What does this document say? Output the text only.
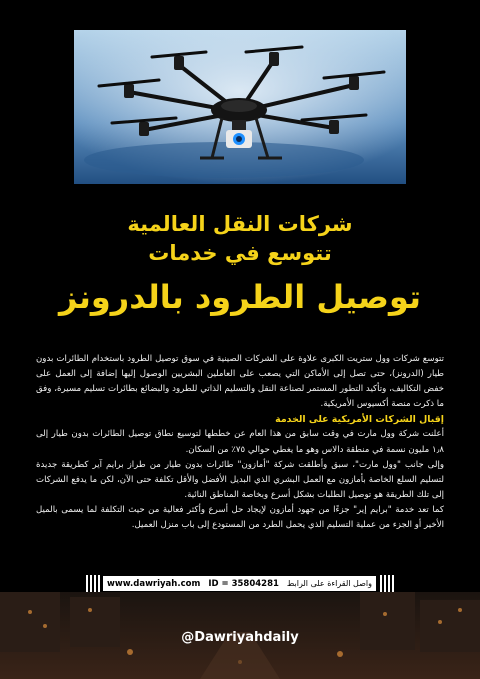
شركات النقل العالمية
تتوسع في خدمات
توصيل الطرود بالدرونز

تتوسع شركات وول ستريت الكبرى علاوة على الشركات الصينية في سوق توصيل الطرود باستخدام الطائرات بدون طيار (الدرونز)، حتى تصل إلى الأماكن التي يصعب على العاملين البشريين الوصول إليها إضافة إلى العمل على خفض التكاليف، وتأكيد التطور المستمر لصناعة النقل والتسليم الذاتي للطرود والبضائع بطائرات تسليم مسيرة، وفق ما ذكرت منصة أكسيوس الأمريكية.

إقبال الشركات الأمريكية على الخدمة

أعلنت شركة وول مارت في وقت سابق من هذا العام عن خططها لتوسيع نطاق توصيل الطائرات بدون طيار إلى ١٫٨ مليون نسمة في منطقة دالاس وهو ما يغطي حوالي ٧٥٪ من السكان.

وإلى جانب "وول مارت"، سبق وأطلقت شركة "أمازون" طائرات بدون طيار من طراز برايم آير كطريقة جديدة لتسليم السلع الخاصة بأمازون مع العمل البشري الذي البديل الأفضل والأقل تكلفة حتى الآن، لكن ما يدفع الشركات إلى تلك الطريقة هو توصيل الطلبات بشكل أسرع وبخاصة المناطق النائية.

كما تعد خدمة "برايم إير" جزءًا من جهود أمازون لإيجاد حل أسرع وأكثر فعالية من حيث التكلفة لما يسمى بالميل الأخير أو الجزء من عملية التسليم الذي يحمل الطرد من المستودع إلى باب منزل العميل.

www.dawriyah.com ID = 35804281 واصل القراءة على الرابط
@Dawriyahdaily
